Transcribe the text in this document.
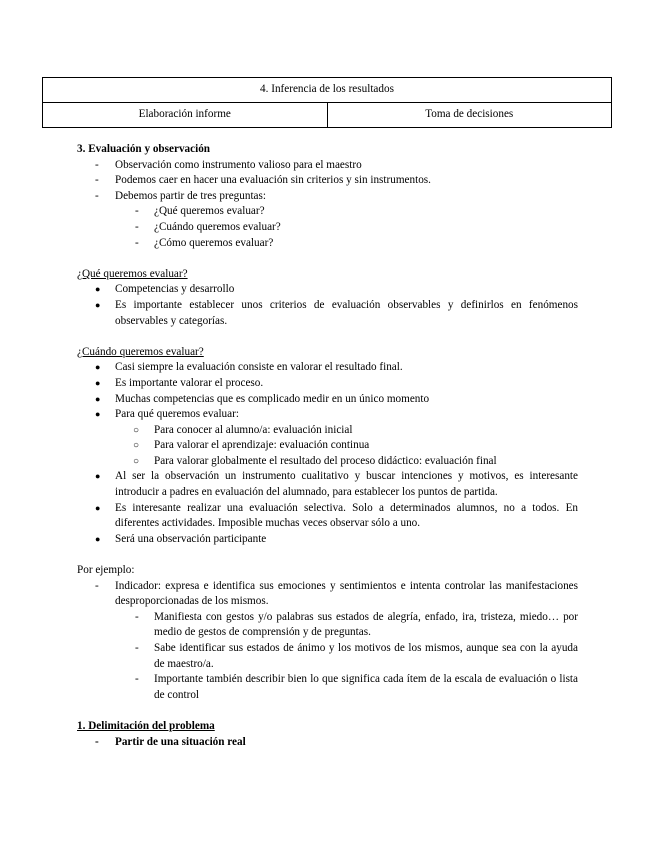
4. Inferencia de los resultados
Elaboración informe	Toma de decisiones

3. Evaluación y observación

- Observación como instrumento valioso para el maestro
- Podemos caer en hacer una evaluación sin criterios y sin instrumentos.
- Debemos partir de tres preguntas:
- ¿Qué queremos evaluar?
- ¿Cuándo queremos evaluar?
- ¿Cómo queremos evaluar?

¿Qué queremos evaluar?

● Competencias y desarrollo
● Es importante establecer unos criterios de evaluación observables y definirlos en fenómenos observables y categorías.

¿Cuándo queremos evaluar?

● Casi siempre la evaluación consiste en valorar el resultado final.
● Es importante valorar el proceso.
● Muchas competencias que es complicado medir en un único momento
● Para qué queremos evaluar:
○ Para conocer al alumno/a: evaluación inicial
○ Para valorar el aprendizaje: evaluación continua
○ Para valorar globalmente el resultado del proceso didáctico: evaluación final
● Al ser la observación un instrumento cualitativo y buscar intenciones y motivos, es interesante introducir a padres en evaluación del alumnado, para establecer los puntos de partida.
● Es interesante realizar una evaluación selectiva. Solo a determinados alumnos, no a todos. En diferentes actividades. Imposible muchas veces observar sólo a uno.
● Será una observación participante

Por ejemplo:

- Indicador: expresa e identifica sus emociones y sentimientos e intenta controlar las manifestaciones desproporcionadas de los mismos.
- Manifiesta con gestos y/o palabras sus estados de alegría, enfado, ira, tristeza, miedo… por medio de gestos de comprensión y de preguntas.
- Sabe identificar sus estados de ánimo y los motivos de los mismos, aunque sea con la ayuda de maestro/a.
- Importante también describir bien lo que significa cada ítem de la escala de evaluación o lista de control

1. Delimitación del problema

- Partir de una situación real
